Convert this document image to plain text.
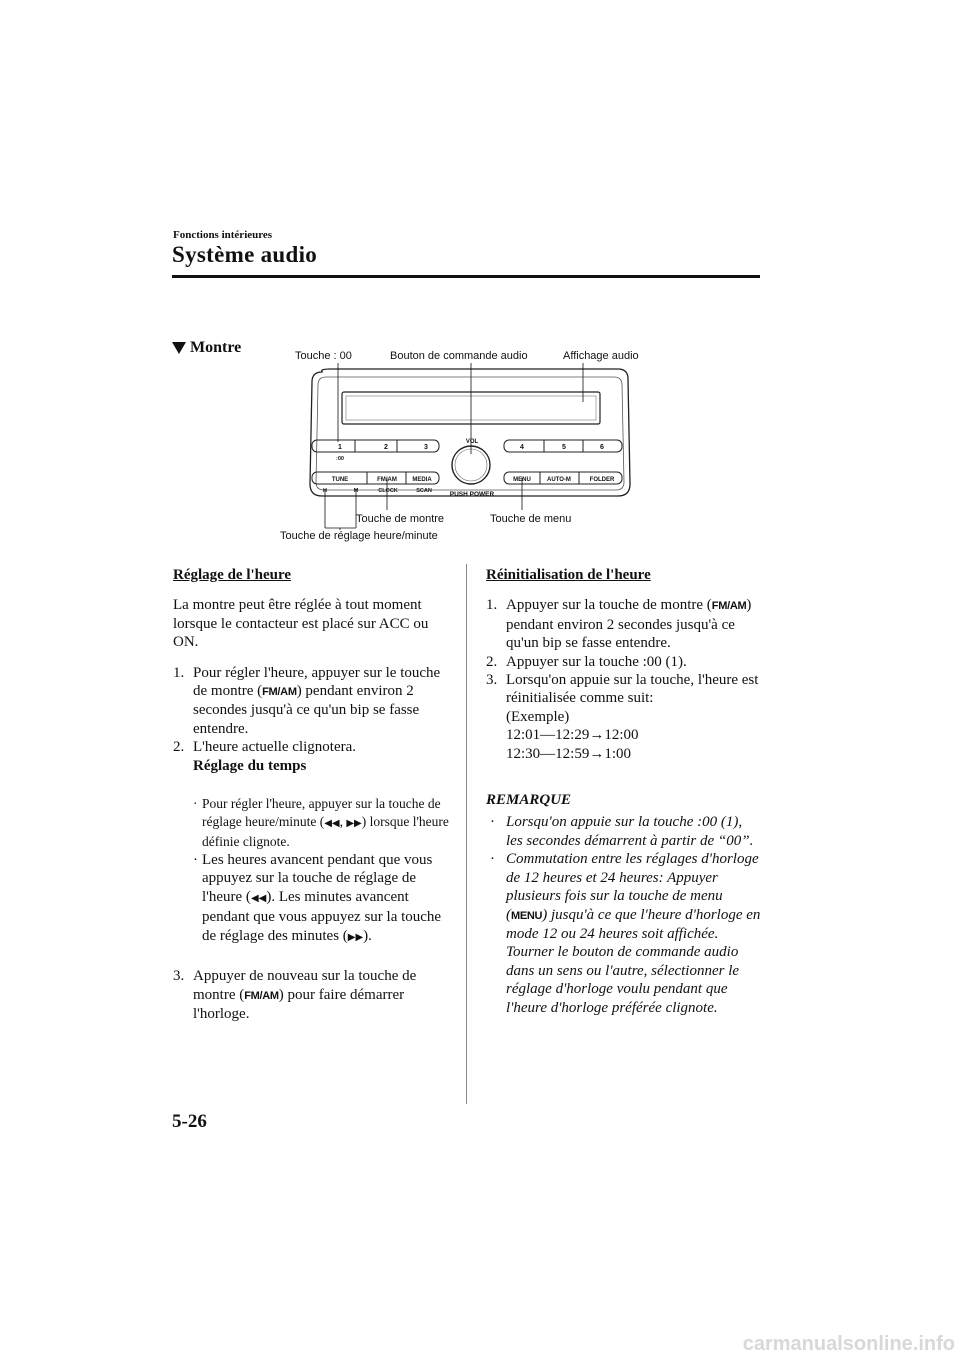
Fonctions intérieures
Système audio
Montre	Touche : 00	Bouton de commande audio	Affichage audio
Touche de montre	Touche de menu
Touche de réglage heure/minute
1	2	3	4	5	6
:00
VOL
TUNE	FM/AM	MEDIA	MENU	AUTO-M	FOLDER
H	M	CLOCK	SCAN	PUSH POWER

Réglage de l'heure

La montre peut être réglée à tout moment lorsque le contacteur est placé sur ACC ou ON.

1. Pour régler l'heure, appuyer sur le touche de montre (FM/AM) pendant environ 2 secondes jusqu'à ce qu'un bip se fasse entendre.
2. L'heure actuelle clignotera.
Réglage du temps
· Pour régler l'heure, appuyer sur la touche de réglage heure/minute (◀◀, ▶▶) lorsque l'heure définie clignote.
· Les heures avancent pendant que vous appuyez sur la touche de réglage de l'heure (◀◀). Les minutes avancent pendant que vous appuyez sur la touche de réglage des minutes (▶▶).
3. Appuyer de nouveau sur la touche de montre (FM/AM) pour faire démarrer l'horloge.

Réinitialisation de l'heure

1. Appuyer sur la touche de montre (FM/AM) pendant environ 2 secondes jusqu'à ce qu'un bip se fasse entendre.
2. Appuyer sur la touche :00 (1).
3. Lorsqu'on appuie sur la touche, l'heure est réinitialisée comme suit:
(Exemple)
12:01—12:29→12:00
12:30—12:59→1:00
REMARQUE
· Lorsqu'on appuie sur la touche :00 (1), les secondes démarrent à partir de “00”.
· Commutation entre les réglages d'horloge de 12 heures et 24 heures: Appuyer plusieurs fois sur la touche de menu (MENU) jusqu'à ce que l'heure d'horloge en mode 12 ou 24 heures soit affichée. Tourner le bouton de commande audio dans un sens ou l'autre, sélectionner le réglage d'horloge voulu pendant que l'heure d'horloge préférée clignote.
5-26
carmanualsonline.info
